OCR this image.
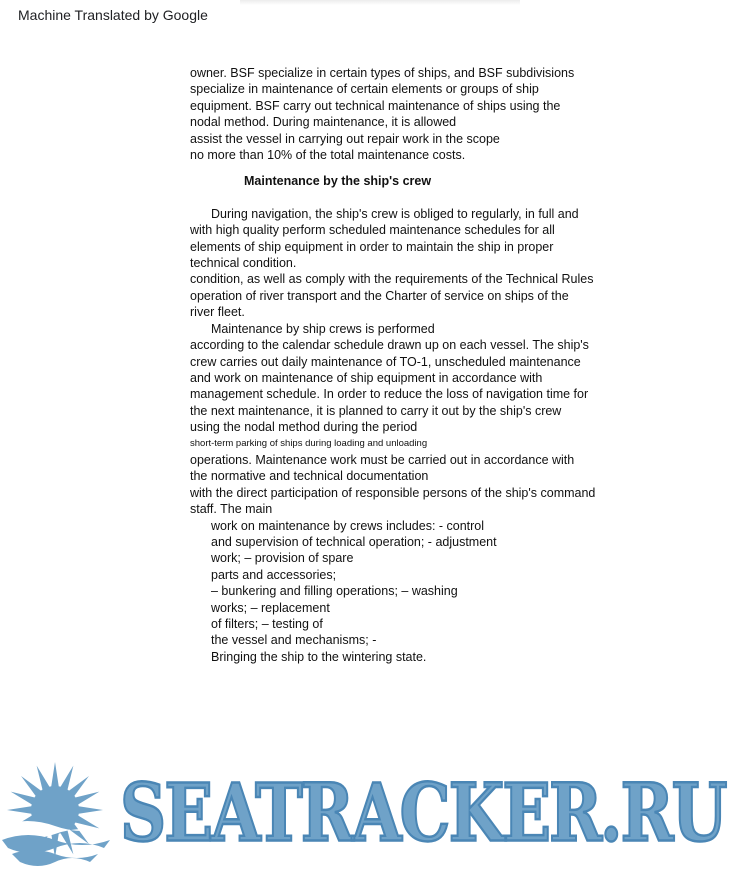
Machine Translated by Google
owner. BSF specialize in certain types of ships, and BSF subdivisions
specialize in maintenance of certain elements or groups of ship
equipment. BSF carry out technical maintenance of ships using the
nodal method. During maintenance, it is allowed
assist the vessel in carrying out repair work in the scope
no more than 10% of the total maintenance costs.
Maintenance by the ship's crew
During navigation, the ship's crew is obliged to regularly, in full and
with high quality perform scheduled maintenance schedules for all
elements of ship equipment in order to maintain the ship in proper
technical condition.
condition, as well as comply with the requirements of the Technical Rules
operation of river transport and the Charter of service on ships of the
river fleet.
Maintenance by ship crews is performed
according to the calendar schedule drawn up on each vessel. The ship's
crew carries out daily maintenance of TO-1, unscheduled maintenance
and work on maintenance of ship equipment in accordance with
management schedule. In order to reduce the loss of navigation time for
the next maintenance, it is planned to carry it out by the ship's crew
using the nodal method during the period
short-term parking of ships during loading and unloading
operations. Maintenance work must be carried out in accordance with
the normative and technical documentation
with the direct participation of responsible persons of the ship's command
staff. The main
work on maintenance by crews includes: - control
and supervision of technical operation; - adjustment
work; – provision of spare
parts and accessories;
– bunkering and filling operations; – washing
works; – replacement
of filters; – testing of
the vessel and mechanisms; -
Bringing the ship to the wintering state.
SEATRACKER.RU
